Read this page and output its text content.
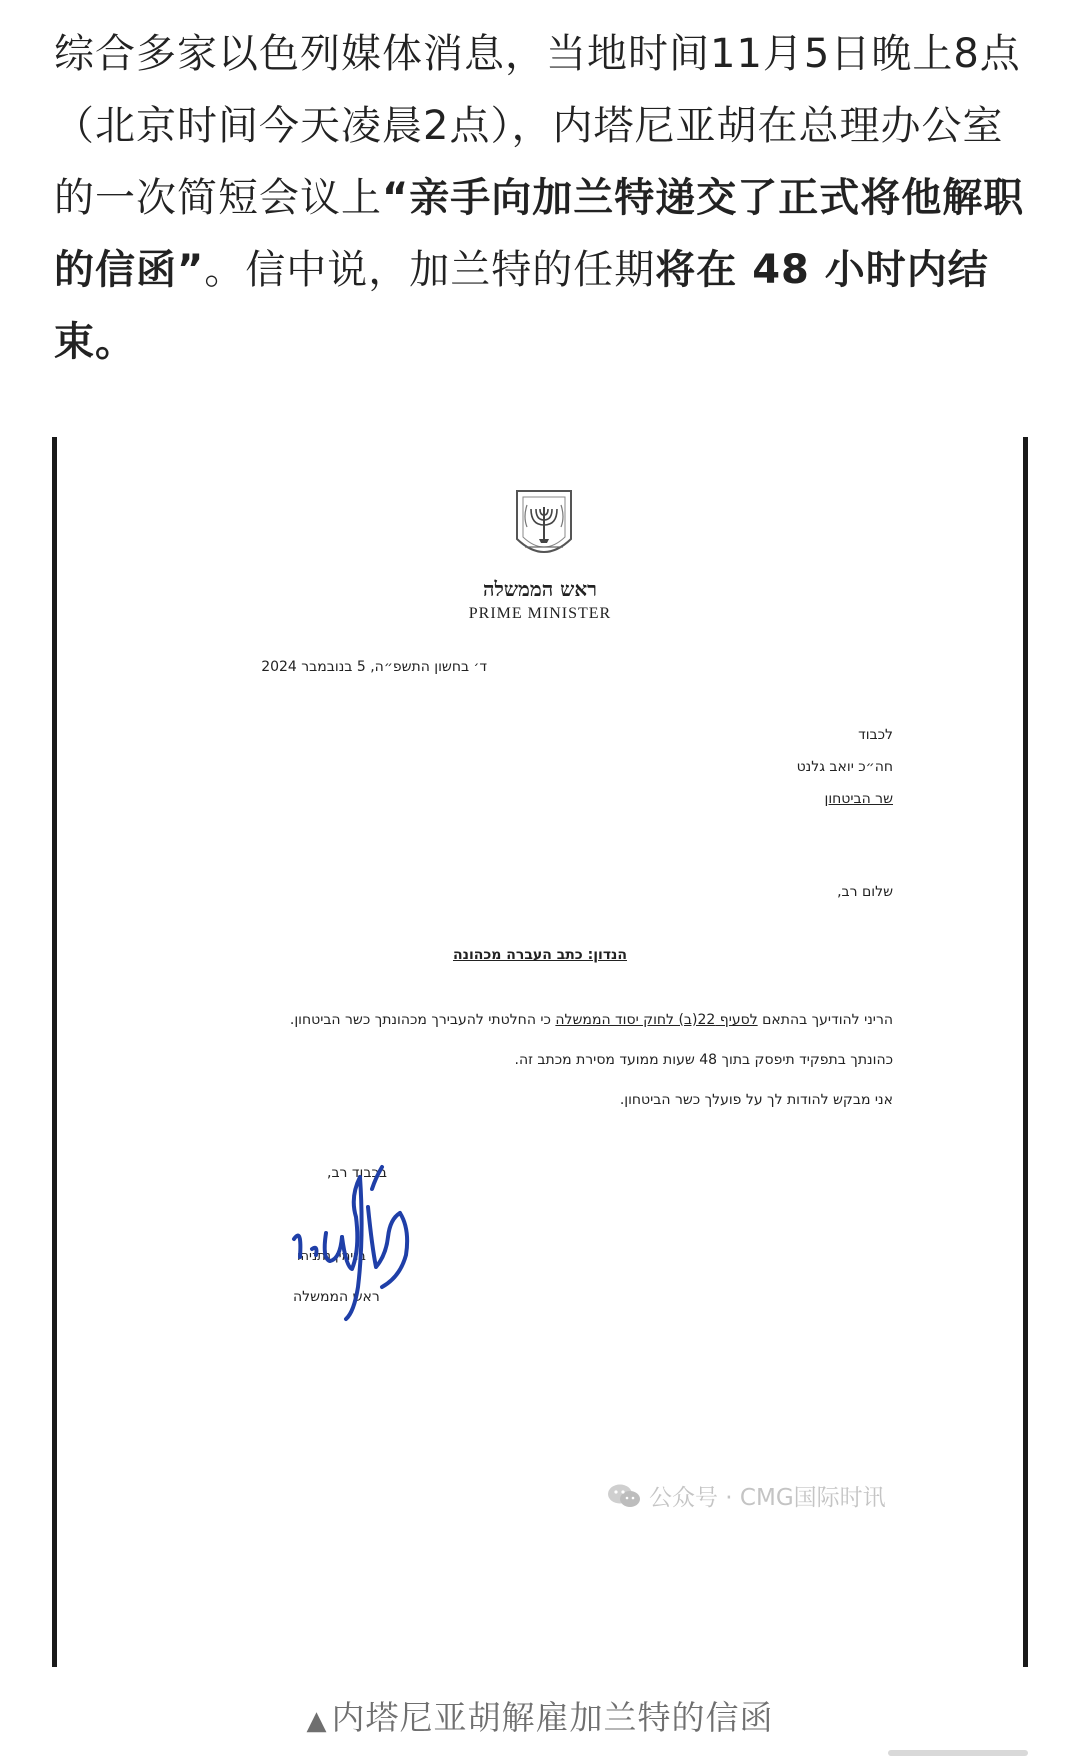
综合多家以色列媒体消息，当地时间11月5日晚上8点（北京时间今天凌晨2点），内塔尼亚胡在总理办公室的一次简短会议上“亲手向加兰特递交了正式将他解职的信函”。信中说，加兰特的任期将在 48 小时内结束。
ראש הממשלה
PRIME MINISTER
ד׳ בחשון התשפ״ה, 5 בנובמבר 2024
לכבוד
חה״כ יואב גלנט
שר הביטחון
שלום רב,
הנדון: כתב העברה מכהונה
הריני להודיעך בהתאם לסעיף 22(ב) לחוק יסוד הממשלה כי החלטתי להעבירך מכהונתך כשר הביטחון.
כהונתך בתפקיד תיפסק בתוך 48 שעות ממועד מסירת מכתב זה.
אני מבקש להודות לך על פועלך כשר הביטחון.
בכבוד רב,
בנימין נתניהו
ראש הממשלה
公众号 · CMG国际时讯
▲ 内塔尼亚胡解雇加兰特的信函
